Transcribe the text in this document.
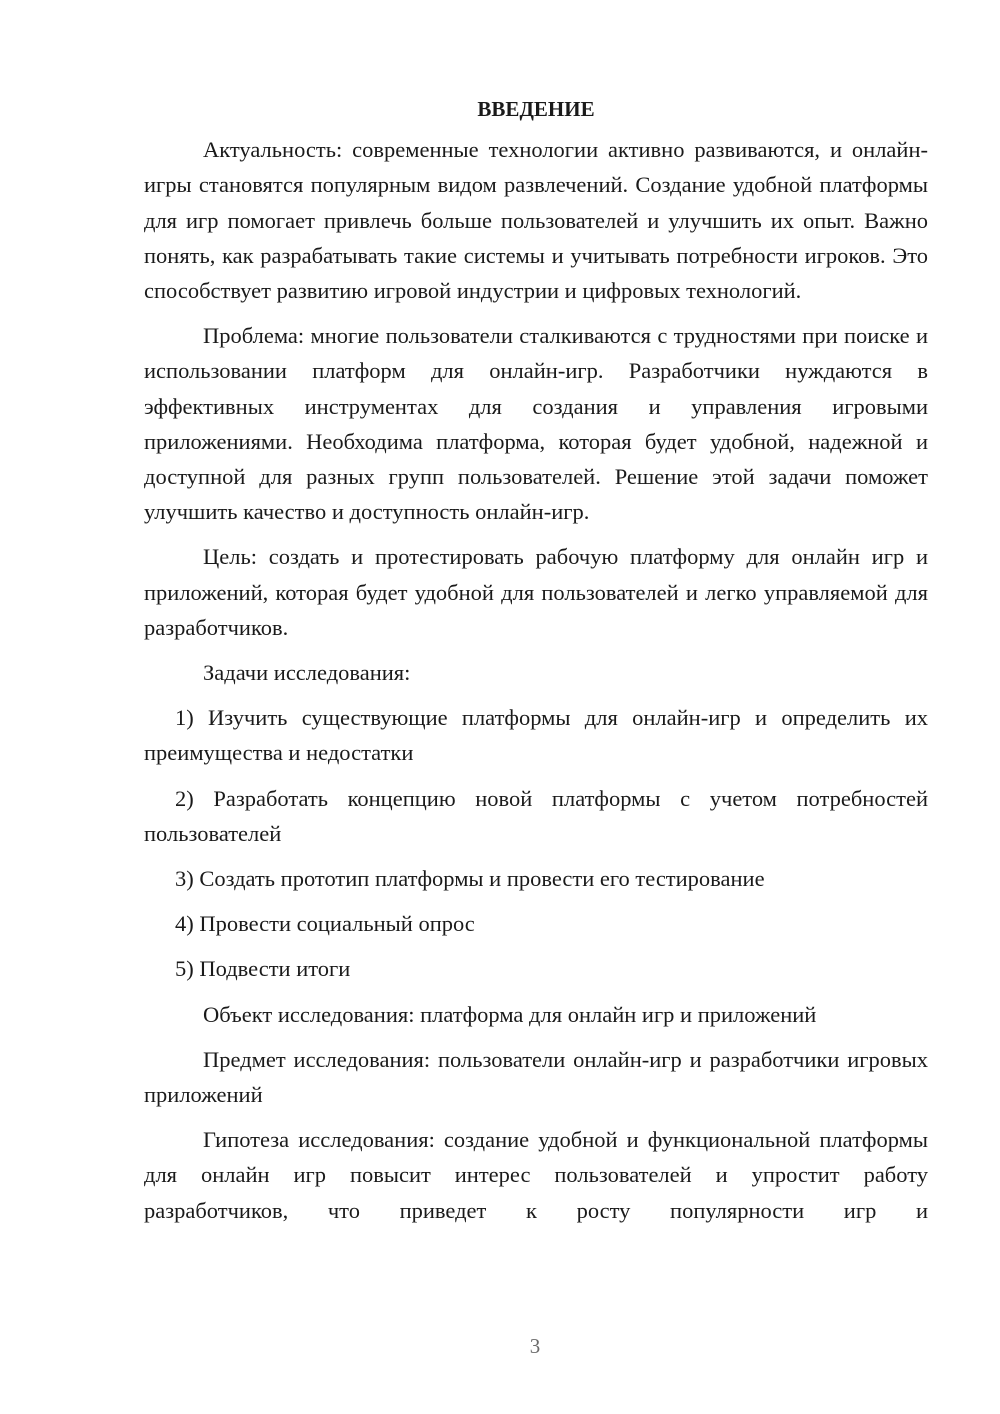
ВВЕДЕНИЕ

Актуальность: современные технологии активно развиваются, и онлайн-игры становятся популярным видом развлечений. Создание удобной платформы для игр помогает привлечь больше пользователей и улучшить их опыт. Важно понять, как разрабатывать такие системы и учитывать потребности игроков. Это способствует развитию игровой индустрии и цифровых технологий.

Проблема: многие пользователи сталкиваются с трудностями при поиске и использовании платформ для онлайн-игр. Разработчики нуждаются в эффективных инструментах для создания и управления игровыми приложениями. Необходима платформа, которая будет удобной, надежной и доступной для разных групп пользователей. Решение этой задачи поможет улучшить качество и доступность онлайн-игр.

Цель: создать и протестировать рабочую платформу для онлайн игр и приложений, которая будет удобной для пользователей и легко управляемой для разработчиков.

Задачи исследования:

1) Изучить существующие платформы для онлайн-игр и определить их преимущества и недостатки

2) Разработать концепцию новой платформы с учетом потребностей пользователей

3) Создать прототип платформы и провести его тестирование

4) Провести социальный опрос

5) Подвести итоги

Объект исследования: платформа для онлайн игр и приложений

Предмет исследования: пользователи онлайн-игр и разработчики игровых приложений

Гипотеза исследования: создание удобной и функциональной платформы для онлайн игр повысит интерес пользователей и упростит работу разработчиков, что приведет к росту популярности игр и

3
